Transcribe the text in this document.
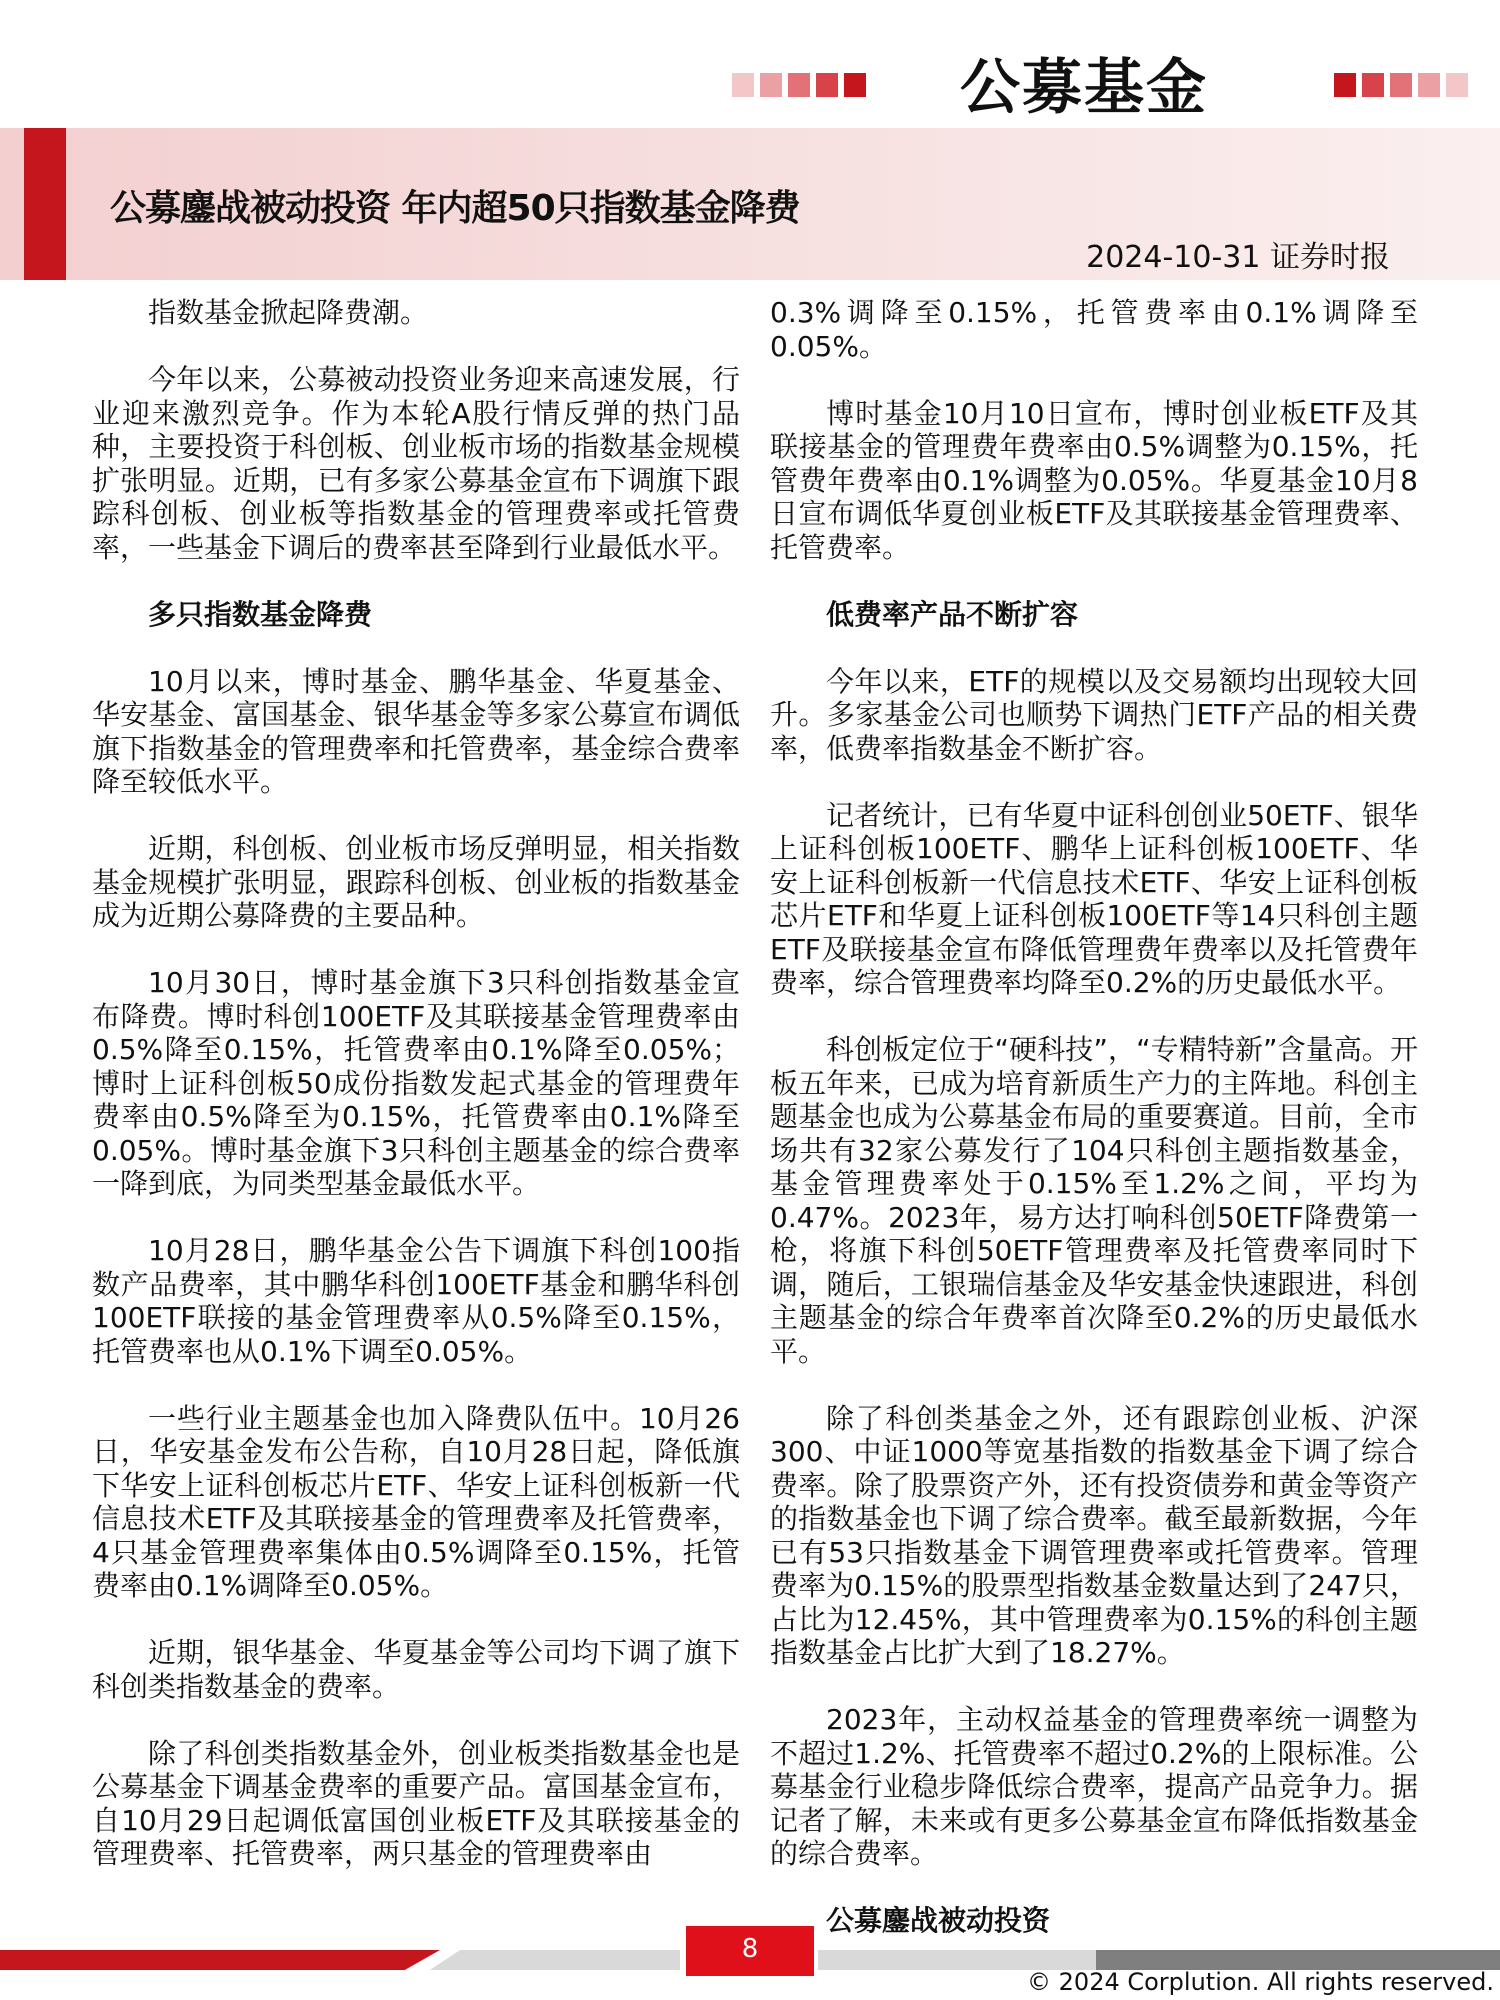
公募基金
公募鏖战被动投资 年内超50只指数基金降费
2024-10-31 证券时报

指数基金掀起降费潮。

今年以来，公募被动投资业务迎来高速发展，行业迎来激烈竞争。作为本轮A股行情反弹的热门品种，主要投资于科创板、创业板市场的指数基金规模扩张明显。近期，已有多家公募基金宣布下调旗下跟踪科创板、创业板等指数基金的管理费率或托管费率，一些基金下调后的费率甚至降到行业最低水平。

多只指数基金降费

10月以来，博时基金、鹏华基金、华夏基金、华安基金、富国基金、银华基金等多家公募宣布调低旗下指数基金的管理费率和托管费率，基金综合费率降至较低水平。

近期，科创板、创业板市场反弹明显，相关指数基金规模扩张明显，跟踪科创板、创业板的指数基金成为近期公募降费的主要品种。

10月30日，博时基金旗下3只科创指数基金宣布降费。博时科创100ETF及其联接基金管理费率由0.5%降至0.15%，托管费率由0.1%降至0.05%；博时上证科创板50成份指数发起式基金的管理费年费率由0.5%降至为0.15%，托管费率由0.1%降至0.05%。博时基金旗下3只科创主题基金的综合费率一降到底，为同类型基金最低水平。

10月28日，鹏华基金公告下调旗下科创100指数产品费率，其中鹏华科创100ETF基金和鹏华科创100ETF联接的基金管理费率从0.5%降至0.15%，托管费率也从0.1%下调至0.05%。

一些行业主题基金也加入降费队伍中。10月26日，华安基金发布公告称，自10月28日起，降低旗下华安上证科创板芯片ETF、华安上证科创板新一代信息技术ETF及其联接基金的管理费率及托管费率，4只基金管理费率集体由0.5%调降至0.15%，托管费率由0.1%调降至0.05%。

近期，银华基金、华夏基金等公司均下调了旗下科创类指数基金的费率。

除了科创类指数基金外，创业板类指数基金也是公募基金下调基金费率的重要产品。富国基金宣布，自10月29日起调低富国创业板ETF及其联接基金的管理费率、托管费率，两只基金的管理费率由

0.3%调降至0.15%，托管费率由0.1%调降至0.05%。

博时基金10月10日宣布，博时创业板ETF及其联接基金的管理费年费率由0.5%调整为0.15%，托管费年费率由0.1%调整为0.05%。华夏基金10月8日宣布调低华夏创业板ETF及其联接基金管理费率、托管费率。

低费率产品不断扩容

今年以来，ETF的规模以及交易额均出现较大回升。多家基金公司也顺势下调热门ETF产品的相关费率，低费率指数基金不断扩容。

记者统计，已有华夏中证科创创业50ETF、银华上证科创板100ETF、鹏华上证科创板100ETF、华安上证科创板新一代信息技术ETF、华安上证科创板芯片ETF和华夏上证科创板100ETF等14只科创主题ETF及联接基金宣布降低管理费年费率以及托管费年费率，综合管理费率均降至0.2%的历史最低水平。

科创板定位于“硬科技”，“专精特新”含量高。开板五年来，已成为培育新质生产力的主阵地。科创主题基金也成为公募基金布局的重要赛道。目前，全市场共有32家公募发行了104只科创主题指数基金，基金管理费率处于0.15%至1.2%之间，平均为0.47%。2023年，易方达打响科创50ETF降费第一枪，将旗下科创50ETF管理费率及托管费率同时下调，随后，工银瑞信基金及华安基金快速跟进，科创主题基金的综合年费率首次降至0.2%的历史最低水平。

除了科创类基金之外，还有跟踪创业板、沪深300、中证1000等宽基指数的指数基金下调了综合费率。除了股票资产外，还有投资债券和黄金等资产的指数基金也下调了综合费率。截至最新数据，今年已有53只指数基金下调管理费率或托管费率。管理费率为0.15%的股票型指数基金数量达到了247只，占比为12.45%，其中管理费率为0.15%的科创主题指数基金占比扩大到了18.27%。

2023年，主动权益基金的管理费率统一调整为不超过1.2%、托管费率不超过0.2%的上限标准。公募基金行业稳步降低综合费率，提高产品竞争力。据记者了解，未来或有更多公募基金宣布降低指数基金的综合费率。

公募鏖战被动投资
8
© 2024 Corplution. All rights reserved.
